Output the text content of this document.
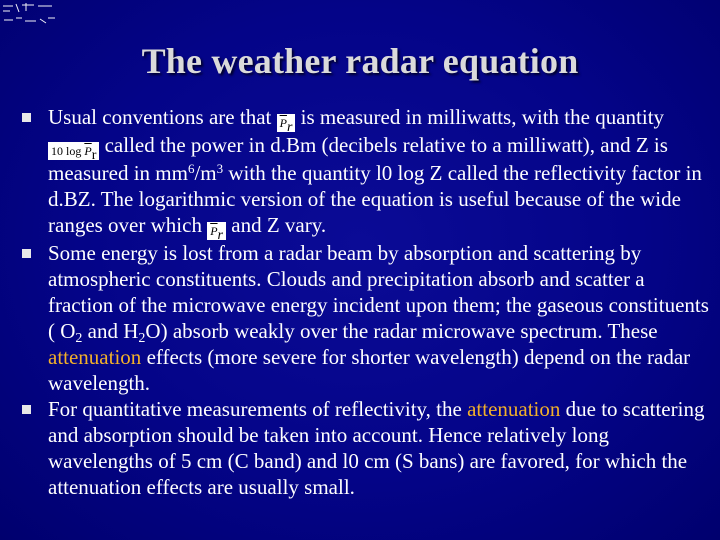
The weather radar equation

Usual conventions are that $\overline{P}_r$ is measured in milliwatts, with the quantity 10 $\log \overline{P}_r$ called the power in d.Bm (decibels relative to a milliwatt), and Z is measured in $mm^6/m^3$ with the quantity l0 log Z called the reflectivity factor in d.BZ. The logarithmic version of the equation is useful because of the wide ranges over which $\overline{P}_r$ and Z vary.

Some energy is lost from a radar beam by absorption and scattering by atmospheric constituents. Clouds and precipitation absorb and scatter a fraction of the microwave energy incident upon them; the gaseous constituents ( $O_2$ and $H_2O$) absorb weakly over the radar microwave spectrum. These attenuation effects (more severe for shorter wavelength) depend on the radar wavelength.

For quantitative measurements of reflectivity, the attenuation due to scattering and absorption should be taken into account. Hence relatively long wavelengths of 5 cm (C band) and l0 cm (S bans) are favored, for which the attenuation effects are usually small.
